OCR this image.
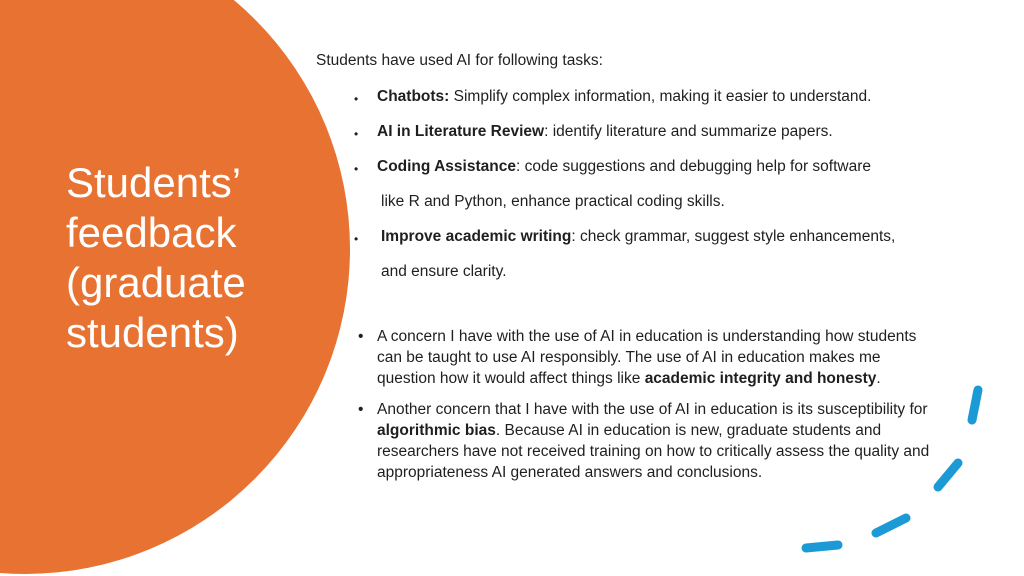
Students’
feedback
(graduate
students)
Students have used AI for following tasks:
• Chatbots: Simplify complex information, making it easier to understand.
• AI in Literature Review: identify literature and summarize papers.
• Coding Assistance: code suggestions and debugging help for software
like R and Python, enhance practical coding skills.
• Improve academic writing: check grammar, suggest style enhancements,
and ensure clarity.
• A concern I have with the use of AI in education is understanding how students can be taught to use AI responsibly. The use of AI in education makes me question how it would affect things like academic integrity and honesty.
• Another concern that I have with the use of AI in education is its susceptibility for algorithmic bias. Because AI in education is new, graduate students and researchers have not received training on how to critically assess the quality and appropriateness AI generated answers and conclusions.
